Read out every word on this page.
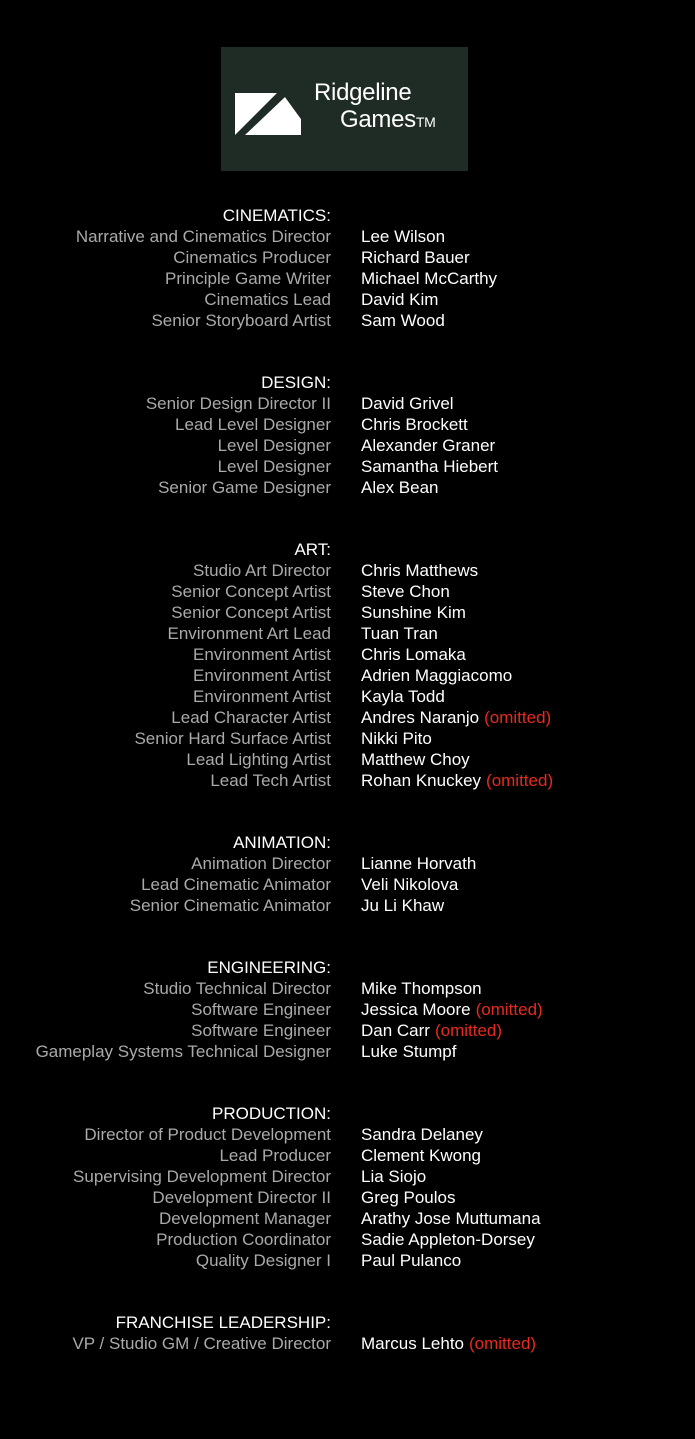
Ridgeline
Games™
CINEMATICS:
Narrative and Cinematics Director Lee Wilson
Cinematics Producer Richard Bauer
Principle Game Writer Michael McCarthy
Cinematics Lead David Kim
Senior Storyboard Artist Sam Wood
DESIGN:
Senior Design Director II David Grivel
Lead Level Designer Chris Brockett
Level Designer Alexander Graner
Level Designer Samantha Hiebert
Senior Game Designer Alex Bean
ART:
Studio Art Director Chris Matthews
Senior Concept Artist Steve Chon
Senior Concept Artist Sunshine Kim
Environment Art Lead Tuan Tran
Environment Artist Chris Lomaka
Environment Artist Adrien Maggiacomo
Environment Artist Kayla Todd
Lead Character Artist Andres Naranjo (omitted)
Senior Hard Surface Artist Nikki Pito
Lead Lighting Artist Matthew Choy
Lead Tech Artist Rohan Knuckey (omitted)
ANIMATION:
Animation Director Lianne Horvath
Lead Cinematic Animator Veli Nikolova
Senior Cinematic Animator Ju Li Khaw
ENGINEERING:
Studio Technical Director Mike Thompson
Software Engineer Jessica Moore (omitted)
Software Engineer Dan Carr (omitted)
Gameplay Systems Technical Designer Luke Stumpf
PRODUCTION:
Director of Product Development Sandra Delaney
Lead Producer Clement Kwong
Supervising Development Director Lia Siojo
Development Director II Greg Poulos
Development Manager Arathy Jose Muttumana
Production Coordinator Sadie Appleton-Dorsey
Quality Designer I Paul Pulanco
FRANCHISE LEADERSHIP:
VP / Studio GM / Creative Director Marcus Lehto (omitted)
